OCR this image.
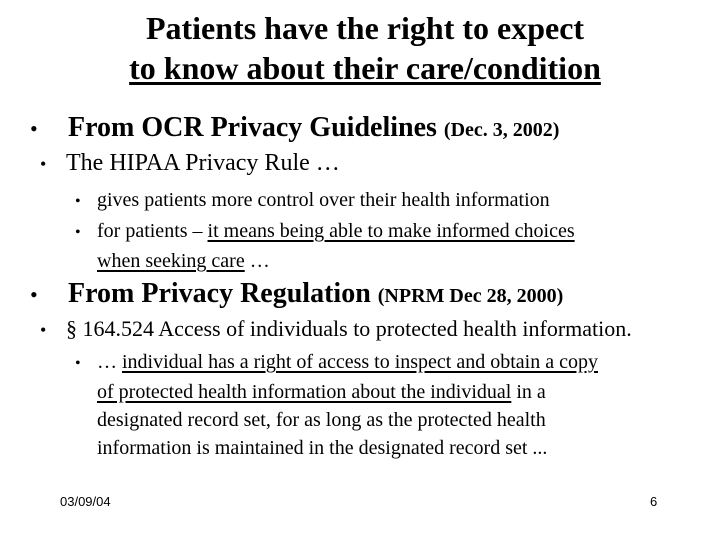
Patients have the right to expect
to know about their care/condition
• From OCR Privacy Guidelines (Dec. 3, 2002)
• The HIPAA Privacy Rule …
• gives patients more control over their health information
• for patients – it means being able to make informed choices
when seeking care …
• From Privacy Regulation (NPRM Dec 28, 2000)
• § 164.524 Access of individuals to protected health information.
• … individual has a right of access to inspect and obtain a copy
of protected health information about the individual in a
designated record set, for as long as the protected health
information is maintained in the designated record set ...
03/09/04	6
